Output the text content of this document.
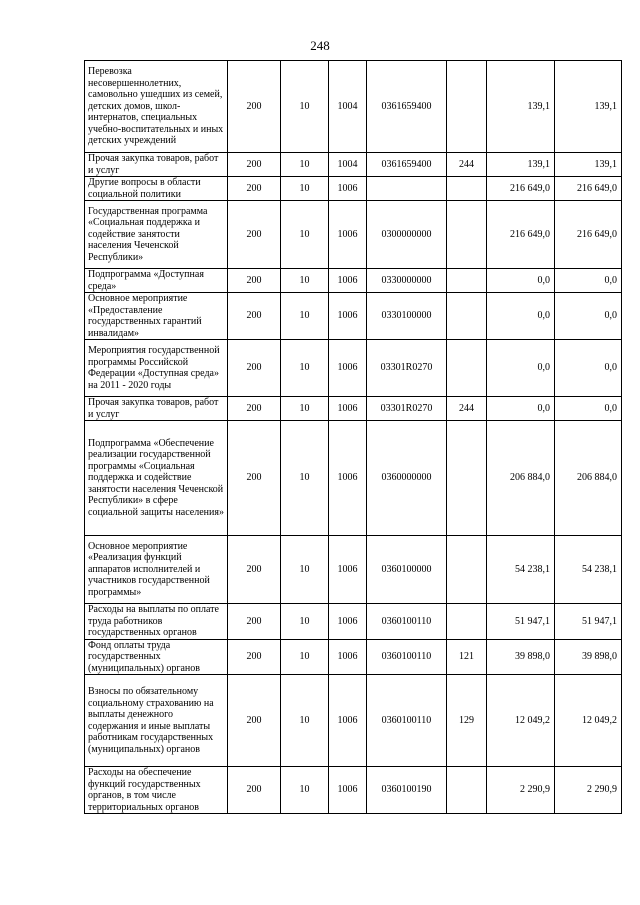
248
Перевозка несовершеннолетних, самовольно ушедших из семей, детских домов, школ-интернатов, специальных учебно-воспитательных и иных детских учреждений	200	10	1004	0361659400		139,1	139,1
Прочая закупка товаров, работ и услуг	200	10	1004	0361659400	244	139,1	139,1
Другие вопросы в области социальной политики	200	10	1006			216 649,0	216 649,0
Государственная программа «Социальная поддержка и содействие занятости населения Чеченской Республики»	200	10	1006	0300000000		216 649,0	216 649,0
Подпрограмма «Доступная среда»	200	10	1006	0330000000		0,0	0,0
Основное мероприятие «Предоставление государственных гарантий инвалидам»	200	10	1006	0330100000		0,0	0,0
Мероприятия государственной программы Российской Федерации «Доступная среда» на 2011 - 2020 годы	200	10	1006	03301R0270		0,0	0,0
Прочая закупка товаров, работ и услуг	200	10	1006	03301R0270	244	0,0	0,0
Подпрограмма «Обеспечение реализации государственной программы «Социальная поддержка и содействие занятости населения Чеченской Республики» в сфере социальной защиты населения»	200	10	1006	0360000000		206 884,0	206 884,0
Основное мероприятие «Реализация функций аппаратов исполнителей и участников государственной программы»	200	10	1006	0360100000		54 238,1	54 238,1
Расходы на выплаты по оплате труда работников государственных органов	200	10	1006	0360100110		51 947,1	51 947,1
Фонд оплаты труда государственных (муниципальных) органов	200	10	1006	0360100110	121	39 898,0	39 898,0
Взносы по обязательному социальному страхованию на выплаты денежного содержания и иные выплаты работникам государственных (муниципальных) органов	200	10	1006	0360100110	129	12 049,2	12 049,2
Расходы на обеспечение функций государственных органов, в том числе территориальных органов	200	10	1006	0360100190		2 290,9	2 290,9
